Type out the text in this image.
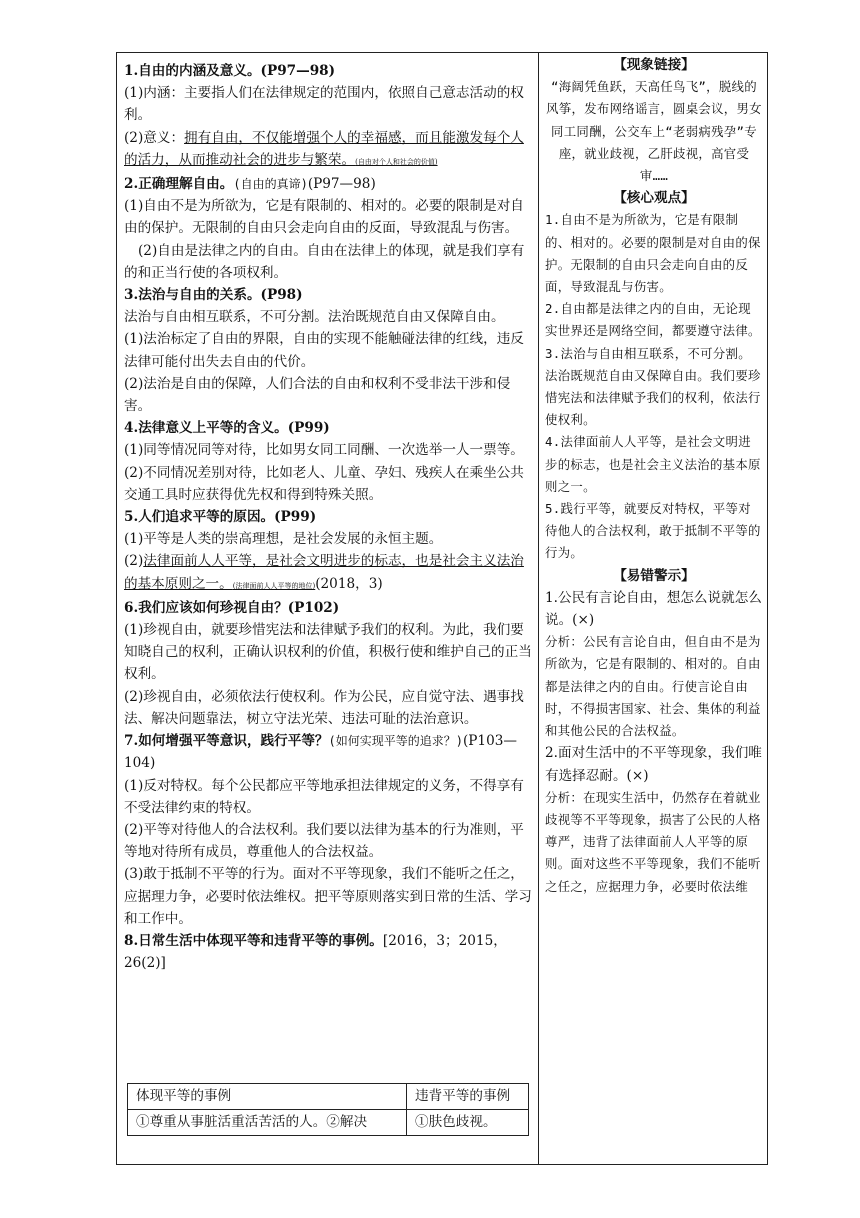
1.自由的内涵及意义。(P97—98)

(1)内涵：主要指人们在法律规定的范围内，依照自己意志活动的权利。

(2)意义：拥有自由，不仅能增强个人的幸福感，而且能激发每个人的活力，从而推动社会的进步与繁荣。(自由对个人和社会的价值)

2.正确理解自由。(自由的真谛)(P97—98)

(1)自由不是为所欲为，它是有限制的、相对的。必要的限制是对自由的保护。无限制的自由只会走向自由的反面，导致混乱与伤害。

(2)自由是法律之内的自由。自由在法律上的体现，就是我们享有的和正当行使的各项权利。

3.法治与自由的关系。(P98)

法治与自由相互联系，不可分割。法治既规范自由又保障自由。

(1)法治标定了自由的界限，自由的实现不能触碰法律的红线，违反法律可能付出失去自由的代价。

(2)法治是自由的保障，人们合法的自由和权利不受非法干涉和侵害。

4.法律意义上平等的含义。(P99)

(1)同等情况同等对待，比如男女同工同酬、一次选举一人一票等。

(2)不同情况差别对待，比如老人、儿童、孕妇、残疾人在乘坐公共交通工具时应获得优先权和得到特殊关照。

5.人们追求平等的原因。(P99)

(1)平等是人类的崇高理想，是社会发展的永恒主题。

(2)法律面前人人平等，是社会文明进步的标志，也是社会主义法治的基本原则之一。(法律面前人人平等的地位)(2018，3)

6.我们应该如何珍视自由？(P102)

(1)珍视自由，就要珍惜宪法和法律赋予我们的权利。为此，我们要知晓自己的权利，正确认识权利的价值，积极行使和维护自己的正当权利。

(2)珍视自由，必须依法行使权利。作为公民，应自觉守法、遇事找法、解决问题靠法，树立守法光荣、违法可耻的法治意识。

7.如何增强平等意识，践行平等？(如何实现平等的追求？)(P103—104)

(1)反对特权。每个公民都应平等地承担法律规定的义务，不得享有不受法律约束的特权。

(2)平等对待他人的合法权利。我们要以法律为基本的行为准则，平等地对待所有成员，尊重他人的合法权益。

(3)敢于抵制不平等的行为。面对不平等现象，我们不能听之任之，应据理力争，必要时依法维权。把平等原则落实到日常的生活、学习和工作中。

8.日常生活中体现平等和违背平等的事例。[2016，3；2015，26(2)]

体现平等的事例	违背平等的事例
①尊重从事脏活重活苦活的人。②解决	①肤色歧视。

【现象链接】

“海阔凭鱼跃，天高任鸟飞”，脱线的风筝，发布网络谣言，圆桌会议，男女同工同酬，公交车上“老弱病残孕”专座，就业歧视，乙肝歧视，高官受审……

【核心观点】

1.自由不是为所欲为，它是有限制的、相对的。必要的限制是对自由的保护。无限制的自由只会走向自由的反面，导致混乱与伤害。

2.自由都是法律之内的自由，无论现实世界还是网络空间，都要遵守法律。

3.法治与自由相互联系，不可分割。法治既规范自由又保障自由。我们要珍惜宪法和法律赋予我们的权利，依法行使权利。

4.法律面前人人平等，是社会文明进步的标志，也是社会主义法治的基本原则之一。

5.践行平等，就要反对特权，平等对待他人的合法权利，敢于抵制不平等的行为。

【易错警示】

1.公民有言论自由，想怎么说就怎么说。(×)

分析：公民有言论自由，但自由不是为所欲为，它是有限制的、相对的。自由都是法律之内的自由。行使言论自由时，不得损害国家、社会、集体的利益和其他公民的合法权益。

2.面对生活中的不平等现象，我们唯有选择忍耐。(×)

分析：在现实生活中，仍然存在着就业歧视等不平等现象，损害了公民的人格尊严，违背了法律面前人人平等的原则。面对这些不平等现象，我们不能听之任之，应据理力争，必要时依法维
